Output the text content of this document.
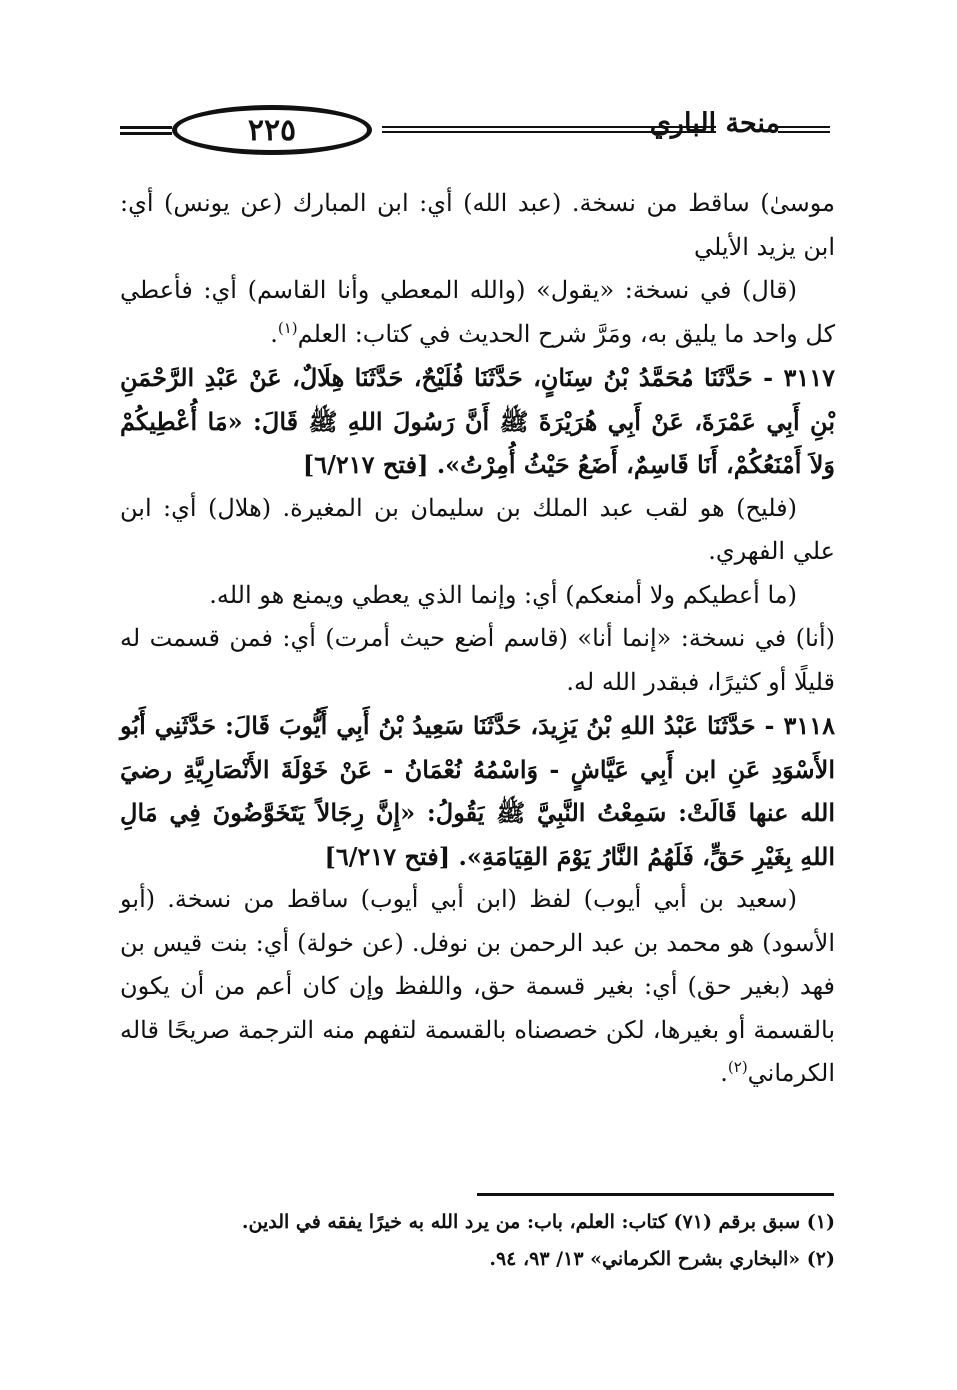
٢٢٥	منحة الباري

موسىٰ) ساقط من نسخة. (عبد الله) أي: ابن المبارك (عن يونس) أي: ابن يزيد الأيلي

(قال) في نسخة: «يقول» (والله المعطي وأنا القاسم) أي: فأعطي كل واحد ما يليق به، ومَرَّ شرح الحديث في كتاب: العلم$^{(١)}$.

٣١١٧ - حَدَّثَنَا مُحَمَّدُ بْنُ سِنَانٍ، حَدَّثَنَا فُلَيْحٌ، حَدَّثَنَا هِلَالٌ، عَنْ عَبْدِ الرَّحْمَنِ بْنِ أَبِي عَمْرَةَ، عَنْ أَبِي هُرَيْرَةَ ﷺ أَنَّ رَسُولَ اللهِ ﷺ قَالَ: «مَا أُعْطِيكُمْ وَلاَ أَمْنَعُكُمْ، أَنَا قَاسِمٌ، أَضَعُ حَيْثُ أُمِرْتُ». [فتح ٦/٢١٧]

(فليح) هو لقب عبد الملك بن سليمان بن المغيرة. (هلال) أي: ابن علي الفهري.

(ما أعطيكم ولا أمنعكم) أي: وإنما الذي يعطي ويمنع هو الله.

(أنا) في نسخة: «إنما أنا» (قاسم أضع حيث أمرت) أي: فمن قسمت له قليلًا أو كثيرًا، فبقدر الله له.

٣١١٨ - حَدَّثَنَا عَبْدُ اللهِ بْنُ يَزِيدَ، حَدَّثَنَا سَعِيدُ بْنُ أَبِي أَيُّوبَ قَالَ: حَدَّثَنِي أَبُو الأَسْوَدِ عَنِ ابن أَبِي عَيَّاشٍ - وَاسْمُهُ نُعْمَانُ - عَنْ خَوْلَةَ الأَنْصَارِيَّةِ رضيَ الله عنها قَالَتْ: سَمِعْتُ النَّبِيَّ ﷺ يَقُولُ: «إِنَّ رِجَالاً يَتَخَوَّضُونَ فِي مَالِ اللهِ بِغَيْرِ حَقٍّ، فَلَهُمُ النَّارُ يَوْمَ القِيَامَةِ». [فتح ٦/٢١٧]

(سعيد بن أبي أيوب) لفظ (ابن أبي أيوب) ساقط من نسخة. (أبو الأسود) هو محمد بن عبد الرحمن بن نوفل. (عن خولة) أي: بنت قيس بن فهد (بغير حق) أي: بغير قسمة حق، واللفظ وإن كان أعم من أن يكون بالقسمة أو بغيرها، لكن خصصناه بالقسمة لتفهم منه الترجمة صريحًا قاله الكرماني$^{(٢)}$.

(١) سبق برقم (٧١) كتاب: العلم، باب: من يرد الله به خيرًا يفقه في الدين.

(٢) «البخاري بشرح الكرماني» ١٣/ ٩٣، ٩٤.
